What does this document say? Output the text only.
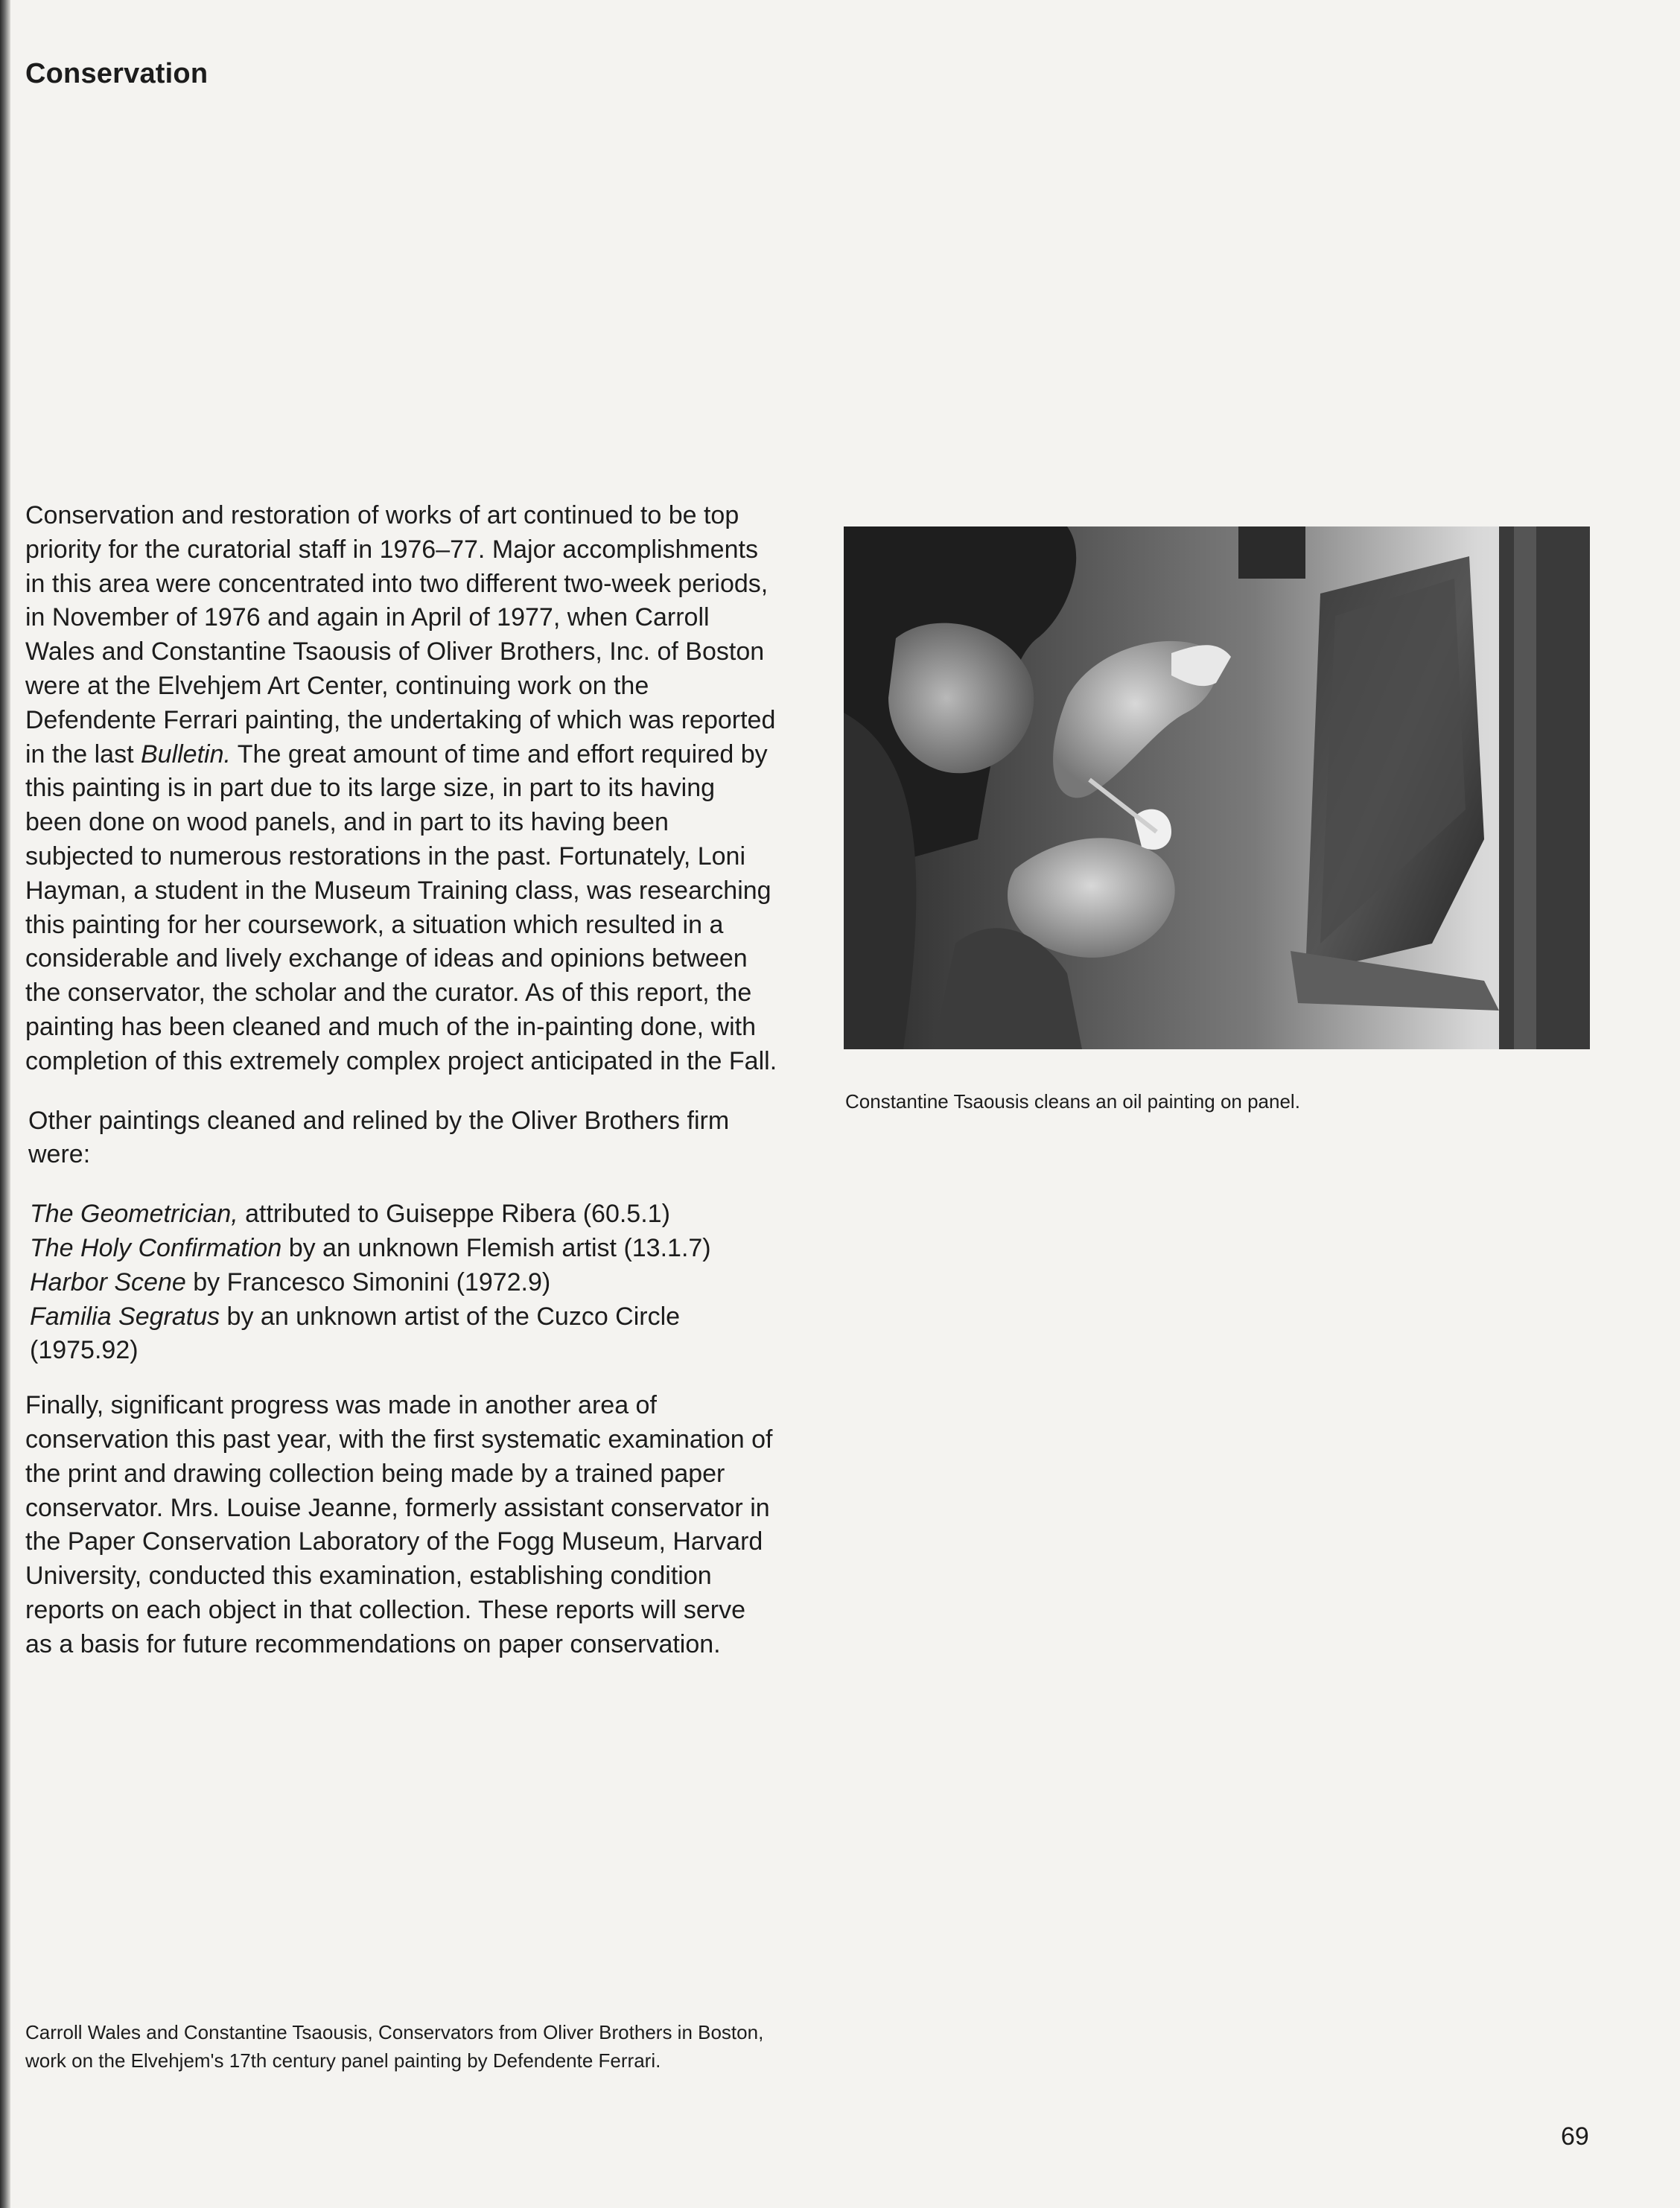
Conservation

Conservation and restoration of works of art continued to be top priority for the curatorial staff in 1976–77. Major accomplishments in this area were concentrated into two different two-week periods, in November of 1976 and again in April of 1977, when Carroll Wales and Constantine Tsaousis of Oliver Brothers, Inc. of Boston were at the Elvehjem Art Center, continuing work on the Defendente Ferrari painting, the undertaking of which was reported in the last Bulletin. The great amount of time and effort required by this painting is in part due to its large size, in part to its having been done on wood panels, and in part to its having been subjected to numerous restorations in the past. Fortunately, Loni Hayman, a student in the Museum Training class, was researching this painting for her coursework, a situation which resulted in a considerable and lively exchange of ideas and opinions between the conservator, the scholar and the curator. As of this report, the painting has been cleaned and much of the in-painting done, with completion of this extremely complex project anticipated in the Fall.

Other paintings cleaned and relined by the Oliver Brothers firm were:

The Geometrician, attributed to Guiseppe Ribera (60.5.1)
The Holy Confirmation by an unknown Flemish artist (13.1.7)
Harbor Scene by Francesco Simonini (1972.9)
Familia Segratus by an unknown artist of the Cuzco Circle (1975.92)

Finally, significant progress was made in another area of conservation this past year, with the first systematic examination of the print and drawing collection being made by a trained paper conservator. Mrs. Louise Jeanne, formerly assistant conservator in the Paper Conservation Laboratory of the Fogg Museum, Harvard University, conducted this examination, establishing condition reports on each object in that collection. These reports will serve as a basis for future recommendations on paper conservation.

Constantine Tsaousis cleans an oil painting on panel.
Carroll Wales and Constantine Tsaousis, Conservators from Oliver Brothers in Boston, work on the Elvehjem's 17th century panel painting by Defendente Ferrari.
69
